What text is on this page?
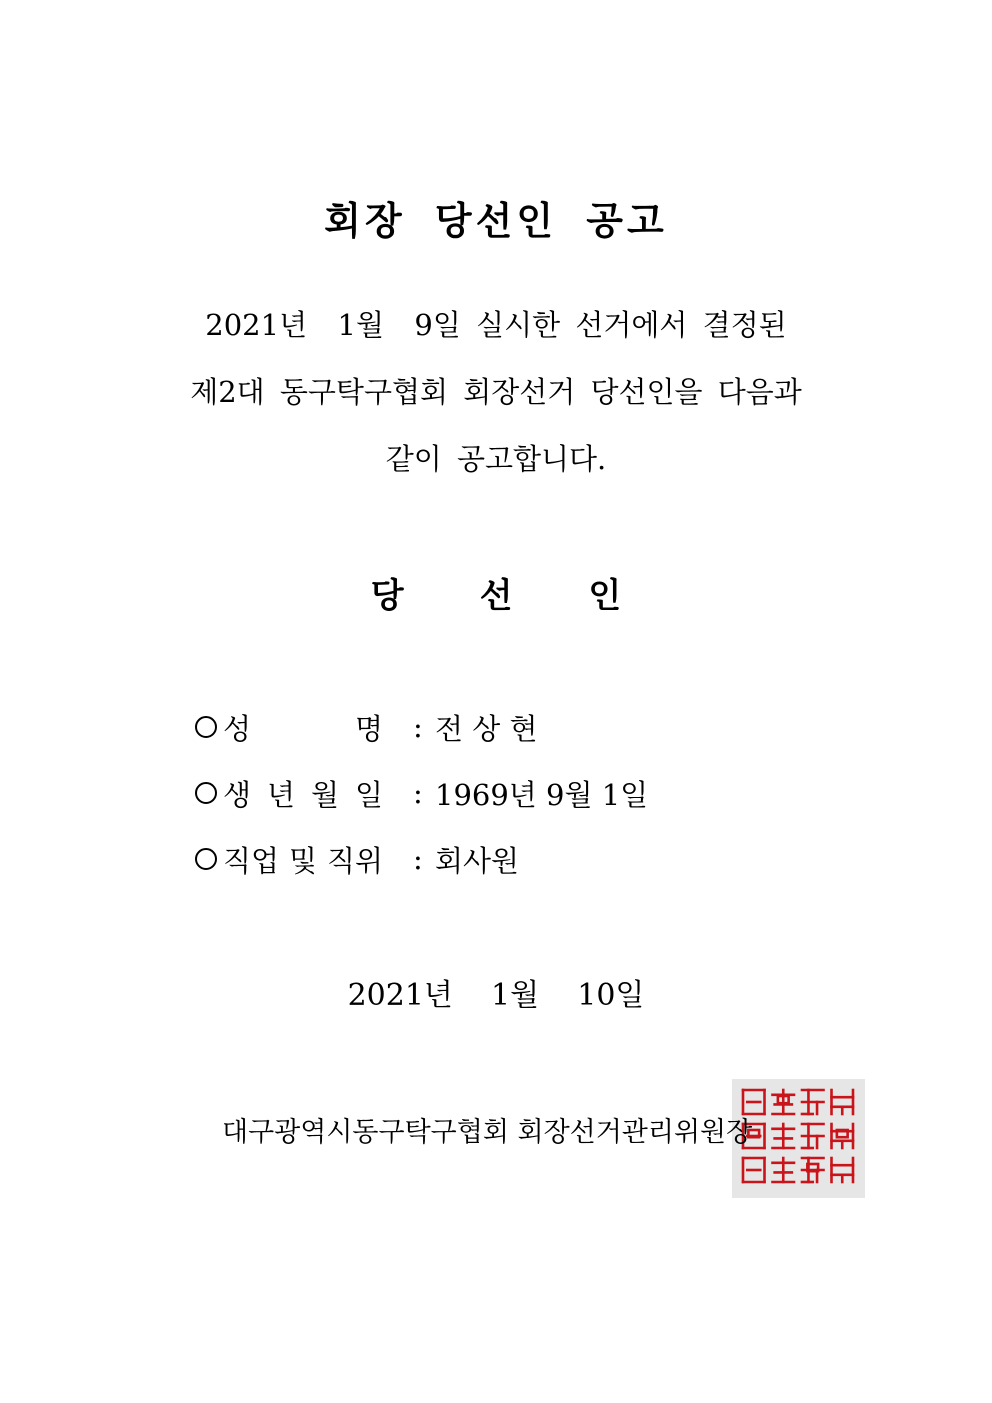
회장 당선인 공고

2021년  1월  9일 실시한 선거에서 결정된

제2대 동구탁구협회 회장선거 당선인을 다음과

같이 공고합니다.

당 선 인
성	명 : 전 상 현
생 년 월 일 : 1969년 9월 1일
직업 및 직위 : 회사원

2021년    1월    10일

대구광역시동구탁구협회 회장선거관리위원장
